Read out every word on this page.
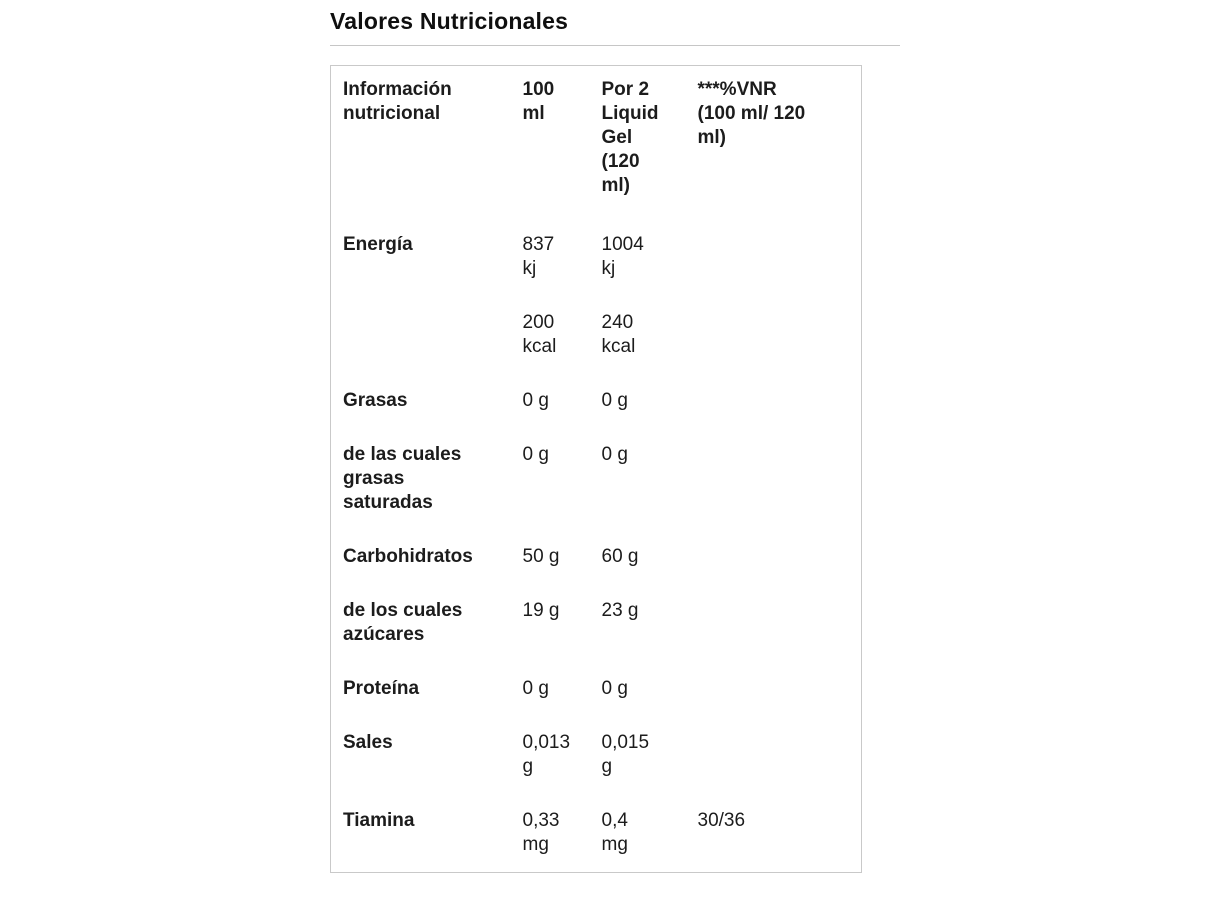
Valores Nutricionales
Información nutricional	100 ml	Por 2 Liquid Gel (120 ml)	***%VNR (100 ml/ 120 ml)
Energía	837 kj	1004 kj	
	200 kcal	240 kcal	
Grasas	0 g	0 g	
de las cuales grasas saturadas	0 g	0 g	
Carbohidratos	50 g	60 g	
de los cuales azúcares	19 g	23 g	
Proteína	0 g	0 g	
Sales	0,013 g	0,015 g	
Tiamina	0,33 mg	0,4 mg	30/36
